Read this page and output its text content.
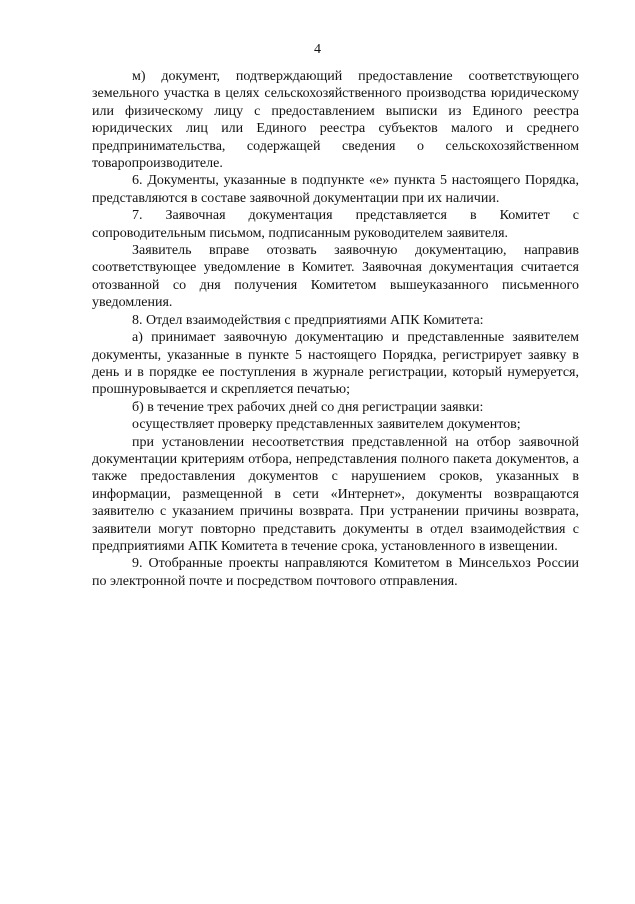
4

м) документ, подтверждающий предоставление соответствующего земельного участка в целях сельскохозяйственного производства юридическому или физическому лицу с предоставлением выписки из Единого реестра юридических лиц или Единого реестра субъектов малого и среднего предпринимательства, содержащей сведения о сельскохозяйственном товаропроизводителе.

6. Документы, указанные в подпункте «е» пункта 5 настоящего Порядка, представляются в составе заявочной документации при их наличии.

7. Заявочная документация представляется в Комитет с сопроводительным письмом, подписанным руководителем заявителя.

Заявитель вправе отозвать заявочную документацию, направив соответствующее уведомление в Комитет. Заявочная документация считается отозванной со дня получения Комитетом вышеуказанного письменного уведомления.

8. Отдел взаимодействия с предприятиями АПК Комитета:

а) принимает заявочную документацию и представленные заявителем документы, указанные в пункте 5 настоящего Порядка, регистрирует заявку в день и в порядке ее поступления в журнале регистрации, который нумеруется, прошнуровывается и скрепляется печатью;

б) в течение трех рабочих дней со дня регистрации заявки:

осуществляет проверку представленных заявителем документов;

при установлении несоответствия представленной на отбор заявочной документации критериям отбора, непредставления полного пакета документов, а также предоставления документов с нарушением сроков, указанных в информации, размещенной в сети «Интернет», документы возвращаются заявителю с указанием причины возврата. При устранении причины возврата, заявители могут повторно представить документы в отдел взаимодействия с предприятиями АПК Комитета в течение срока, установленного в извещении.

9. Отобранные проекты направляются Комитетом в Минсельхоз России по электронной почте и посредством почтового отправления.
